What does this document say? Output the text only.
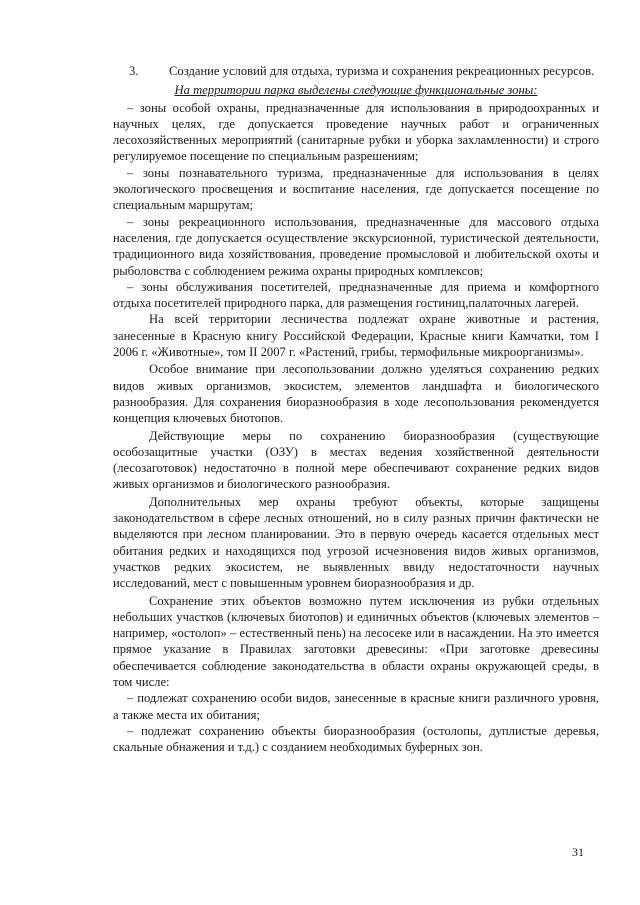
3. Создание условий для отдыха, туризма и сохранения рекреационных ресурсов.

На территории парка выделены следующие функциональные зоны:

– зоны особой охраны, предназначенные для использования в природоохранных и научных целях, где допускается проведение научных работ и ограниченных лесохозяйственных мероприятий (санитарные рубки и уборка захламленности) и строго регулируемое посещение по специальным разрешениям;

– зоны познавательного туризма, предназначенные для использования в целях экологического просвещения и воспитание населения, где допускается посещение по специальным маршрутам;

– зоны рекреационного использования, предназначенные для массового отдыха населения, где допускается осуществление экскурсионной, туристической деятельности, традиционного вида хозяйствования, проведение промысловой и любительской охоты и рыболовства с соблюдением режима охраны природных комплексов;

– зоны обслуживания посетителей, предназначенные для приема и комфортного отдыха посетителей природного парка, для размещения гостиниц,палаточных лагерей.

На всей территории лесничества подлежат охране животные и растения, занесенные в Красную книгу Российской Федерации, Красные книги Камчатки, том I 2006 г. «Животные», том II 2007 г. «Растений, грибы, термофильные микроорганизмы».

Особое внимание при лесопользовании должно уделяться сохранению редких видов живых организмов, экосистем, элементов ландшафта и биологического разнообразия. Для сохранения биоразнообразия в ходе лесопользования рекомендуется концепция ключевых биотопов.

Действующие меры по сохранению биоразнообразия (существующие особозащитные участки (ОЗУ) в местах ведения хозяйственной деятельности (лесозаготовок) недостаточно в полной мере обеспечивают сохранение редких видов живых организмов и биологического разнообразия.

Дополнительных мер охраны требуют объекты, которые защищены законодательством в сфере лесных отношений, но в силу разных причин фактически не выделяются при лесном планировании. Это в первую очередь касается отдельных мест обитания редких и находящихся под угрозой исчезновения видов живых организмов, участков редких экосистем, не выявленных ввиду недостаточности научных исследований, мест с повышенным уровнем биоразнообразия и др.

Сохранение этих объектов возможно путем исключения из рубки отдельных небольших участков (ключевых биотопов) и единичных объектов (ключевых элементов – например, «остолоп» – естественный пень) на лесосеке или в насаждении. На это имеется прямое указание в Правилах заготовки древесины: «При заготовке древесины обеспечивается соблюдение законодательства в области охраны окружающей среды, в том числе:

– подлежат сохранению особи видов, занесенные в красные книги различного уровня, а также места их обитания;

– подлежат сохранению объекты биоразнообразия (остолопы, дуплистые деревья, скальные обнажения и т.д.) с созданием необходимых буферных зон.

31
